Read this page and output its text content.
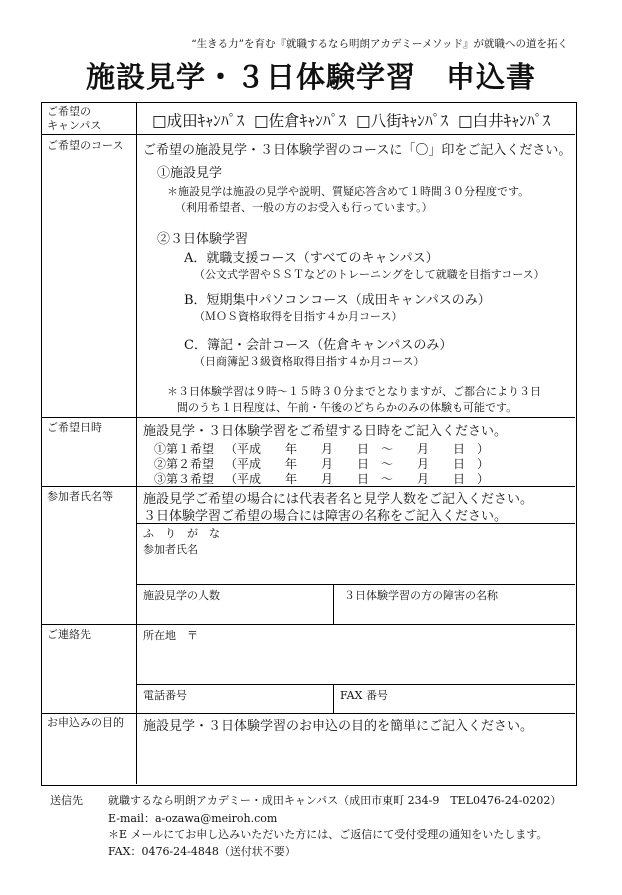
“生きる力”を育む『就職するなら明朗アカデミーメソッド』が就職への道を拓く
施設見学・３日体験学習　申込書
ご希望の
キャンパス	□成田ｷｬﾝﾊﾟｽ □佐倉ｷｬﾝﾊﾟｽ □八街ｷｬﾝﾊﾟｽ □白井ｷｬﾝﾊﾟｽ
ご希望のコース ご希望の施設見学・３日体験学習のコースに「〇」印をご記入ください。
①施設見学
＊施設見学は施設の見学や説明、質疑応答含めて１時間３０分程度です。
（利用希望者、一般の方のお受入も行っています。）
②３日体験学習
A．就職支援コース（すべてのキャンパス）
（公文式学習やＳＳＴなどのトレーニングをして就職を目指すコース）
B．短期集中パソコンコース（成田キャンパスのみ）
（ＭＯＳ資格取得を目指す４か月コース）
C．簿記・会計コース（佐倉キャンパスのみ）
（日商簿記３級資格取得目指す４か月コース）
＊３日体験学習は９時～１５時３０分までとなりますが、ご都合により３日
間のうち１日程度は、午前・午後のどちらかのみの体験も可能です。
ご希望日時	施設見学・３日体験学習をご希望する日時をご記入ください。
①第１希望 （平成　　年　　月　　日　～　　月　　日　）
②第２希望 （平成　　年　　月　　日　～　　月　　日　）
③第３希望 （平成　　年　　月　　日　～　　月　　日　）
参加者氏名等 施設見学ご希望の場合には代表者名と見学人数をご記入ください。
３日体験学習ご希望の場合には障害の名称をご記入ください。
ふ　り　が　な
参加者氏名
施設見学の人数	３日体験学習の方の障害の名称
ご連絡先	所在地　〒
電話番号	FAX 番号
お申込みの目的 施設見学・３日体験学習のお申込の目的を簡単にご記入ください。
送信先 就職するなら明朗アカデミー・成田キャンパス（成田市東町 234-9　TEL0476-24-0202）
E-mail：a-ozawa@meiroh.com
＊E メールにてお申し込みいただいた方には、ご返信にて受付受理の通知をいたします。
FAX：0476-24-4848（送付状不要）
